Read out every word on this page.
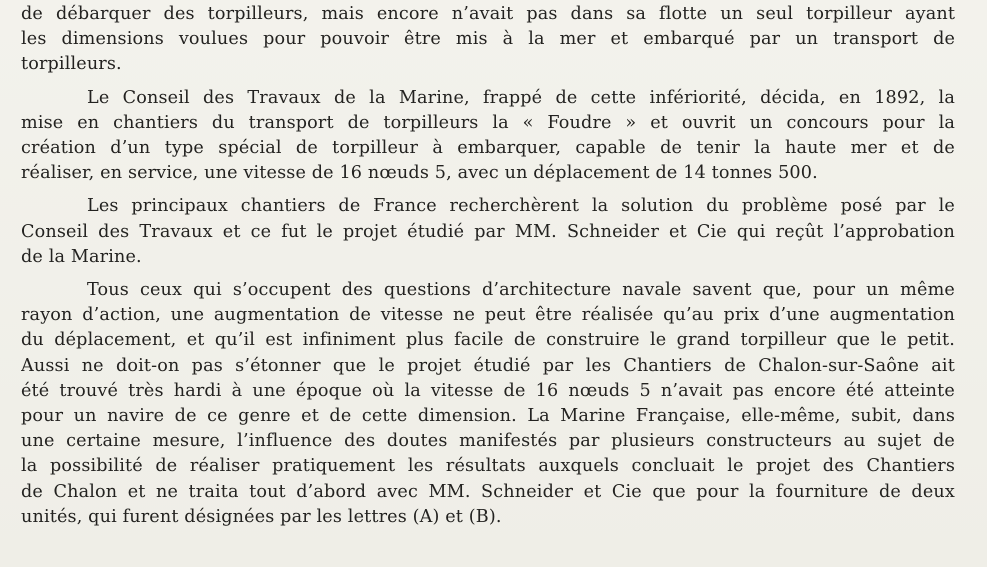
de débarquer des torpilleurs, mais encore n’avait pas dans sa flotte un seul torpilleur ayant
les dimensions voulues pour pouvoir être mis à la mer et embarqué par un transport de
torpilleurs.
Le Conseil des Travaux de la Marine, frappé de cette infériorité, décida, en 1892, la
mise en chantiers du transport de torpilleurs la « Foudre » et ouvrit un concours pour la
création d’un type spécial de torpilleur à embarquer, capable de tenir la haute mer et de
réaliser, en service, une vitesse de 16 nœuds 5, avec un déplacement de 14 tonnes 500.
Les principaux chantiers de France recherchèrent la solution du problème posé par le
Conseil des Travaux et ce fut le projet étudié par MM. Schneider et Cie qui reçût l’approbation
de la Marine.
Tous ceux qui s’occupent des questions d’architecture navale savent que, pour un même
rayon d’action, une augmentation de vitesse ne peut être réalisée qu’au prix d’une augmentation
du déplacement, et qu’il est infiniment plus facile de construire le grand torpilleur que le petit.
Aussi ne doit-on pas s’étonner que le projet étudié par les Chantiers de Chalon-sur-Saône ait
été trouvé très hardi à une époque où la vitesse de 16 nœuds 5 n’avait pas encore été atteinte
pour un navire de ce genre et de cette dimension. La Marine Française, elle-même, subit, dans
une certaine mesure, l’influence des doutes manifestés par plusieurs constructeurs au sujet de
la possibilité de réaliser pratiquement les résultats auxquels concluait le projet des Chantiers
de Chalon et ne traita tout d’abord avec MM. Schneider et Cie que pour la fourniture de deux
unités, qui furent désignées par les lettres (A) et (B).
